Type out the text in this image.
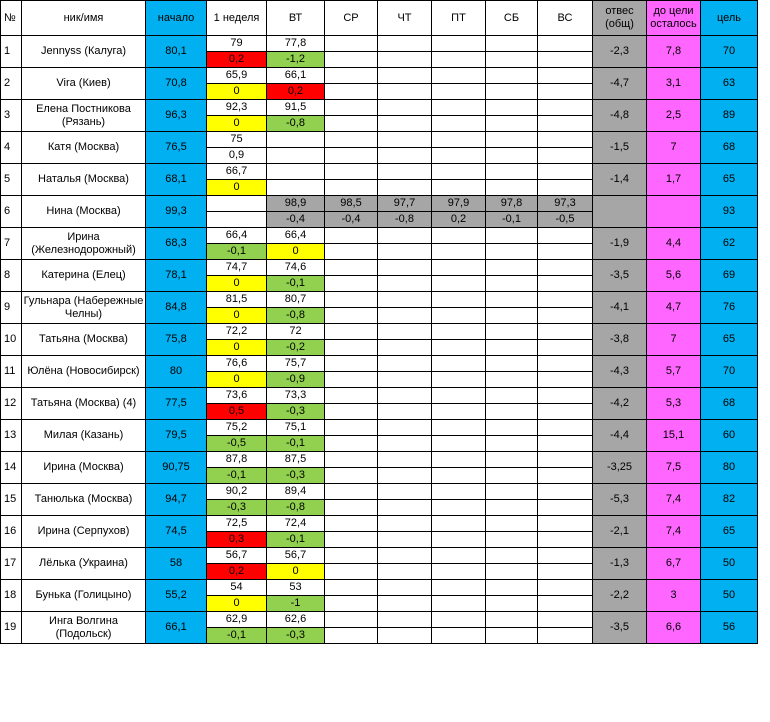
№	ник/имя	начало	1 неделя	ВТ	СР	ЧТ	ПТ	СБ	ВС	отвес (общ)	до цели осталось	цель
1	Jennyss (Калуга)	80,1	79	77,8						-2,3	7,8	70
			0,2	-1,2								
2	Vira (Киев)	70,8	65,9	66,1						-4,7	3,1	63
			0	0,2								
3	Елена Постникова (Рязань)	96,3	92,3	91,5						-4,8	2,5	89
			0	-0,8								
4	Катя (Москва)	76,5	75							-1,5	7	68
			0,9									
5	Наталья (Москва)	68,1	66,7							-1,4	1,7	65
			0									
6	Нина (Москва)	99,3		98,9	98,5	97,7	97,9	97,8	97,3			93
				-0,4	-0,4	-0,8	0,2	-0,1	-0,5			
7	Ирина (Железнодорожный)	68,3	66,4	66,4						-1,9	4,4	62
			-0,1	0								
8	Катерина (Елец)	78,1	74,7	74,6						-3,5	5,6	69
			0	-0,1								
9	Гульнара (Набережные Челны)	84,8	81,5	80,7						-4,1	4,7	76
			0	-0,8								
10	Татьяна (Москва)	75,8	72,2	72						-3,8	7	65
			0	-0,2								
11	Юлёна (Новосибирск)	80	76,6	75,7						-4,3	5,7	70
			0	-0,9								
12	Татьяна (Москва) (4)	77,5	73,6	73,3						-4,2	5,3	68
			0,5	-0,3								
13	Милая (Казань)	79,5	75,2	75,1						-4,4	15,1	60
			-0,5	-0,1								
14	Ирина (Москва)	90,75	87,8	87,5						-3,25	7,5	80
			-0,1	-0,3								
15	Танюлька (Москва)	94,7	90,2	89,4						-5,3	7,4	82
			-0,3	-0,8								
16	Ирина (Серпухов)	74,5	72,5	72,4						-2,1	7,4	65
			0,3	-0,1								
17	Лёлька (Украина)	58	56,7	56,7						-1,3	6,7	50
			0,2	0								
18	Бунька (Голицыно)	55,2	54	53						-2,2	3	50
			0	-1								
19	Инга Волгина (Подольск)	66,1	62,9	62,6						-3,5	6,6	56
			-0,1	-0,3								
